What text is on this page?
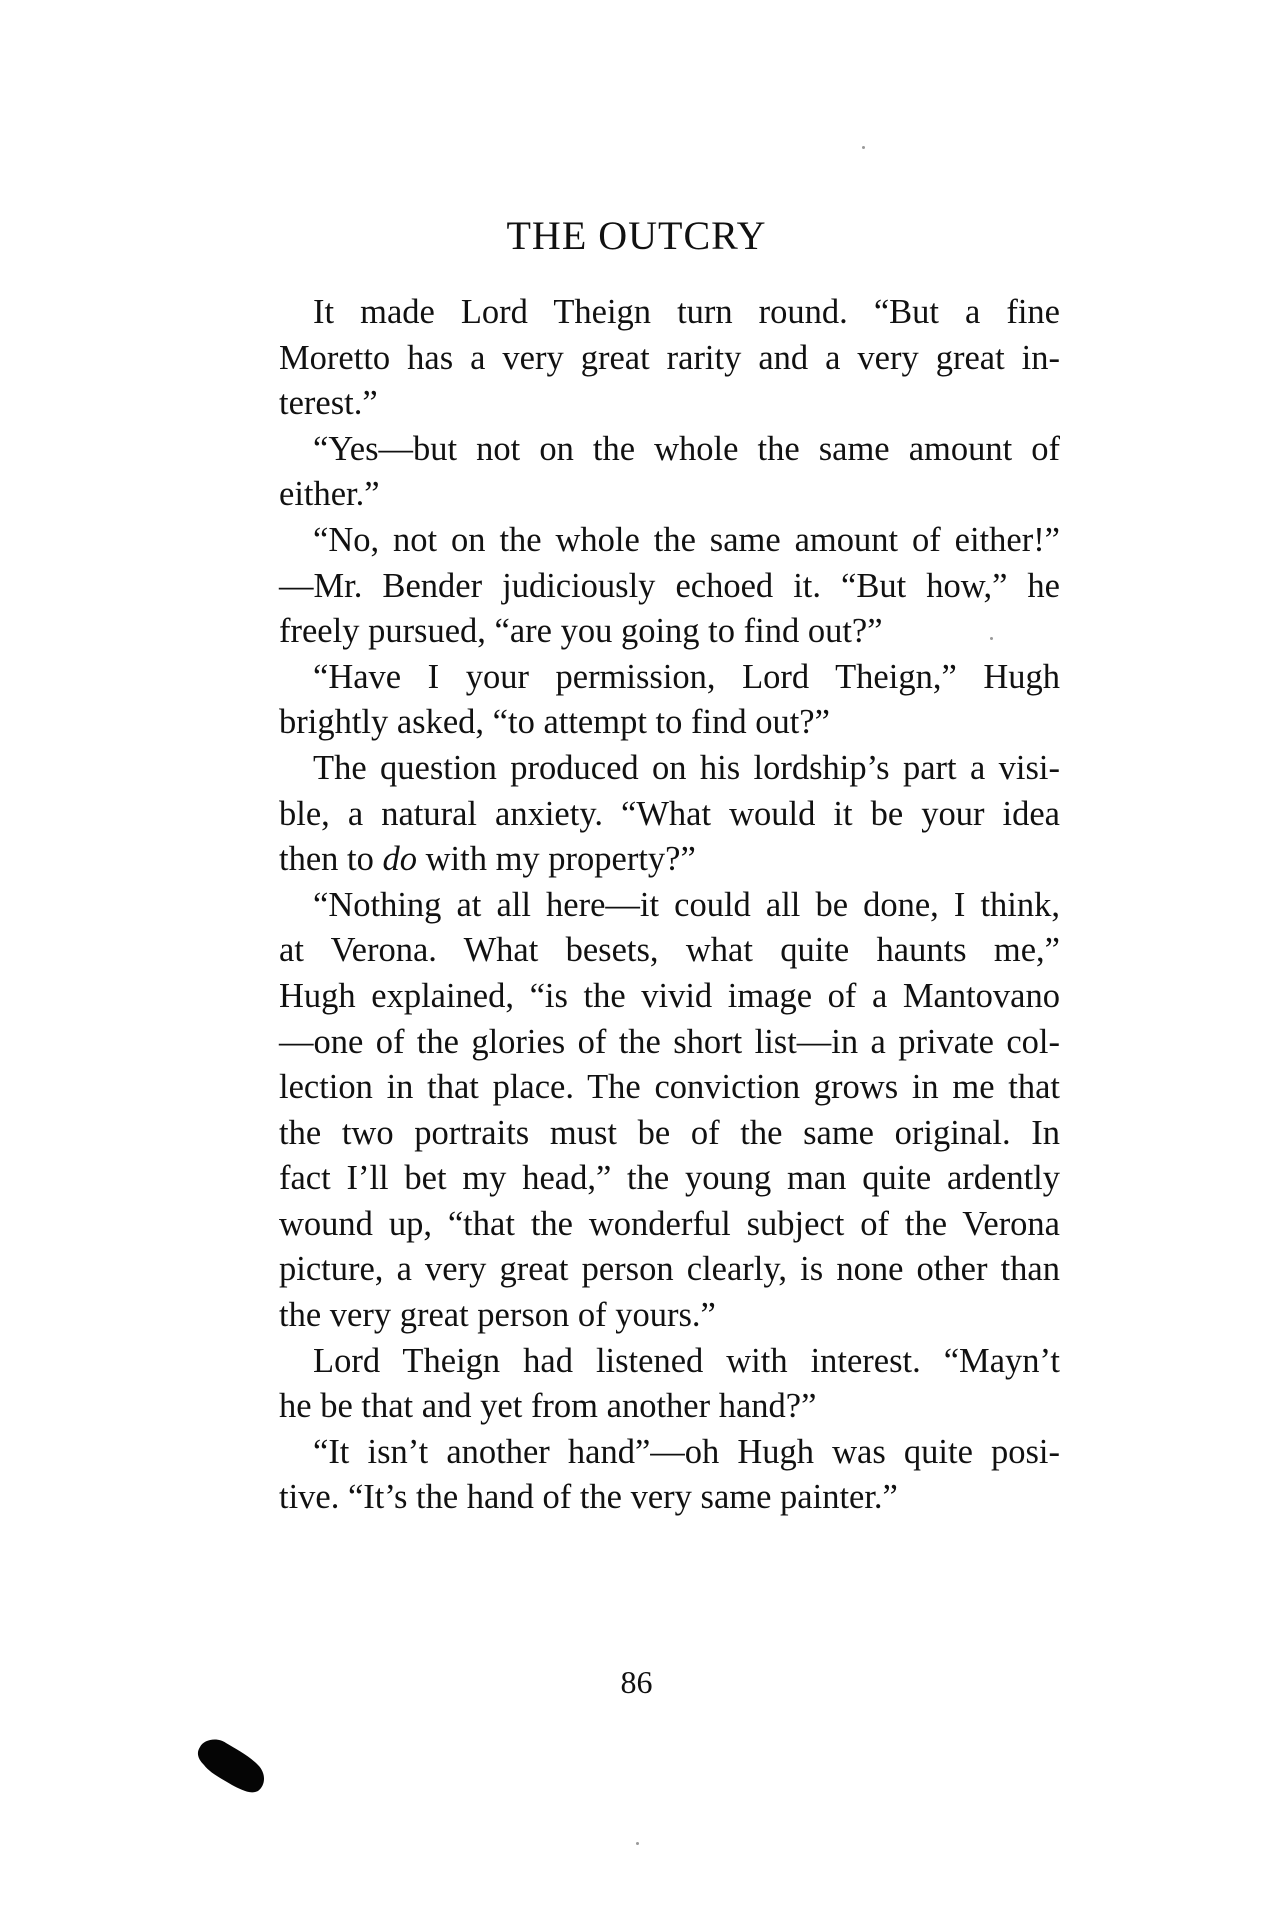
THE OUTCRY
It made Lord Theign turn round. “But a fine
Moretto has a very great rarity and a very great in-
terest.”
“Yes—but not on the whole the same amount of
either.”
“No, not on the whole the same amount of either!”
—Mr. Bender judiciously echoed it. “But how,” he
freely pursued, “are you going to find out?”
“Have I your permission, Lord Theign,” Hugh
brightly asked, “to attempt to find out?”
The question produced on his lordship’s part a visi-
ble, a natural anxiety. “What would it be your idea
then to do with my property?”
“Nothing at all here—it could all be done, I think,
at Verona. What besets, what quite haunts me,”
Hugh explained, “is the vivid image of a Mantovano
—one of the glories of the short list—in a private col-
lection in that place. The conviction grows in me that
the two portraits must be of the same original. In
fact I’ll bet my head,” the young man quite ardently
wound up, “that the wonderful subject of the Verona
picture, a very great person clearly, is none other than
the very great person of yours.”
Lord Theign had listened with interest. “Mayn’t
he be that and yet from another hand?”
“It isn’t another hand”—oh Hugh was quite posi-
tive. “It’s the hand of the very same painter.”
86
